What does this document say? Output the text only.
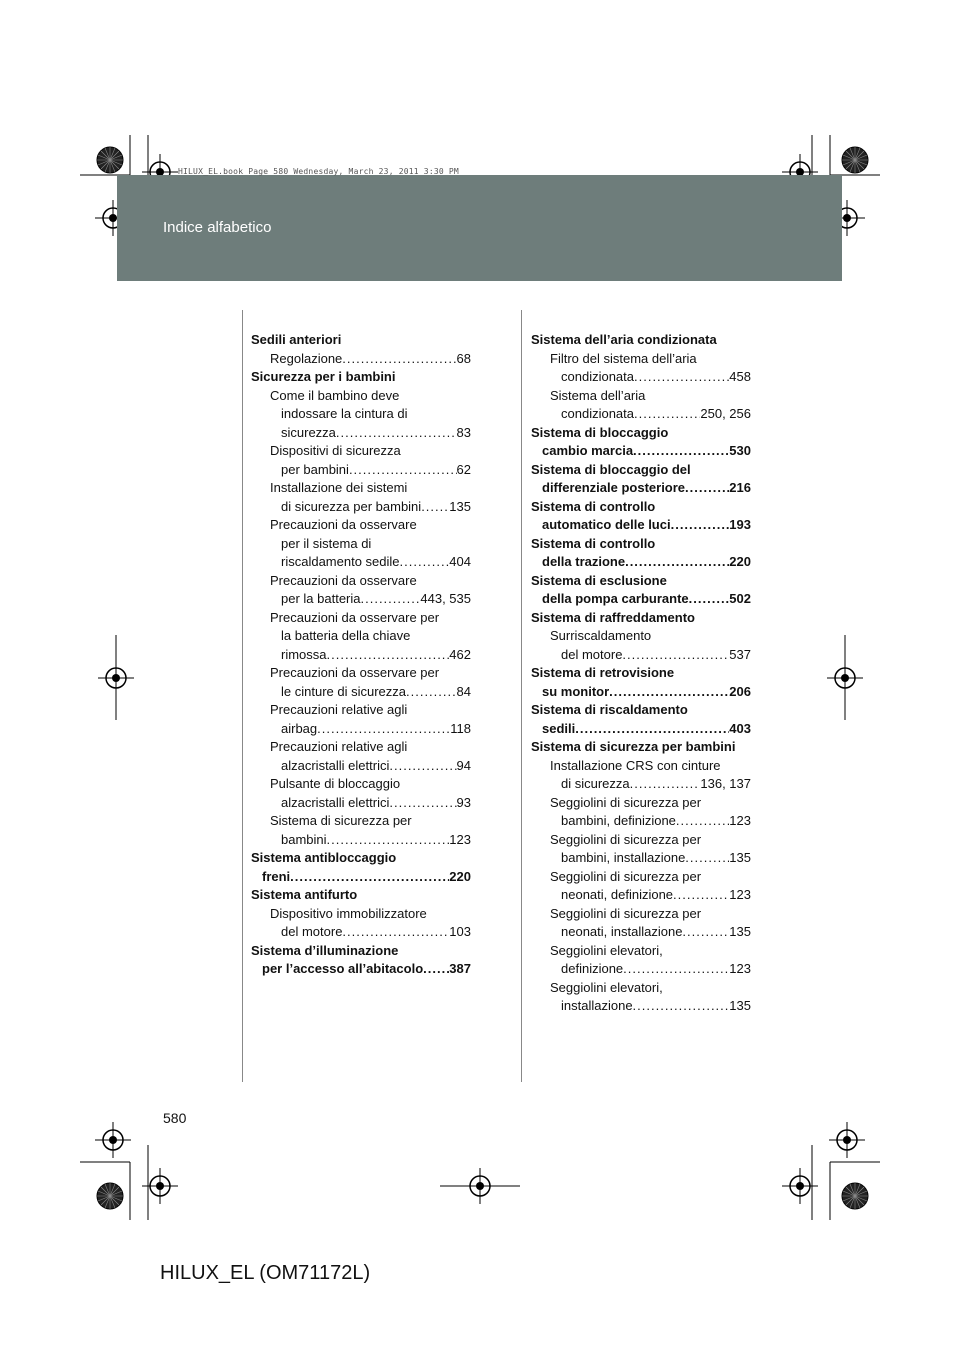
Indice alfabetico
HILUX_EL.book Page 580 Wednesday, March 23, 2011 3:30 PM
Sedili anteriori
Regolazione .....	68
Sicurezza per i bambini
Come il bambino deve
indossare la cintura di
sicurezza .....	83
Dispositivi di sicurezza
per bambini .....	62
Installazione dei sistemi
di sicurezza per bambini ..... 135
Precauzioni da osservare
per il sistema di
riscaldamento sedile .....	404
Precauzioni da osservare
per la batteria .....	443, 535
Precauzioni da osservare per
la batteria della chiave
rimossa .....	462
Precauzioni da osservare per
le cinture di sicurezza .....	84
Precauzioni relative agli
airbag .....	118
Precauzioni relative agli
alzacristalli elettrici .....	94
Pulsante di bloccaggio
alzacristalli elettrici .....	93
Sistema di sicurezza per
bambini .....	123
Sistema antibloccaggio
freni .....	220
Sistema antifurto
Dispositivo immobilizzatore
del motore .....	103
Sistema d’illuminazione
per l’accesso all’abitacolo ..... 387
Sistema dell’aria condizionata
Filtro del sistema dell’aria
condizionata .....	458
Sistema dell’aria
condizionata .....	250, 256
Sistema di bloccaggio
cambio marcia .....	530
Sistema di bloccaggio del
differenziale posteriore .....	216
Sistema di controllo
automatico delle luci .....	193
Sistema di controllo
della trazione .....	220
Sistema di esclusione
della pompa carburante .....	502
Sistema di raffreddamento
Surriscaldamento
del motore .....	537
Sistema di retrovisione
su monitor .....	206
Sistema di riscaldamento
sedili .....	403
Sistema di sicurezza per bambini
Installazione CRS con cinture
di sicurezza .....	136, 137
Seggiolini di sicurezza per
bambini, definizione .....	123
Seggiolini di sicurezza per
bambini, installazione .....	135
Seggiolini di sicurezza per
neonati, definizione .....	123
Seggiolini di sicurezza per
neonati, installazione .....	135
Seggiolini elevatori,
definizione .....	123
Seggiolini elevatori,
installazione .....	135
580
HILUX_EL (OM71172L)
